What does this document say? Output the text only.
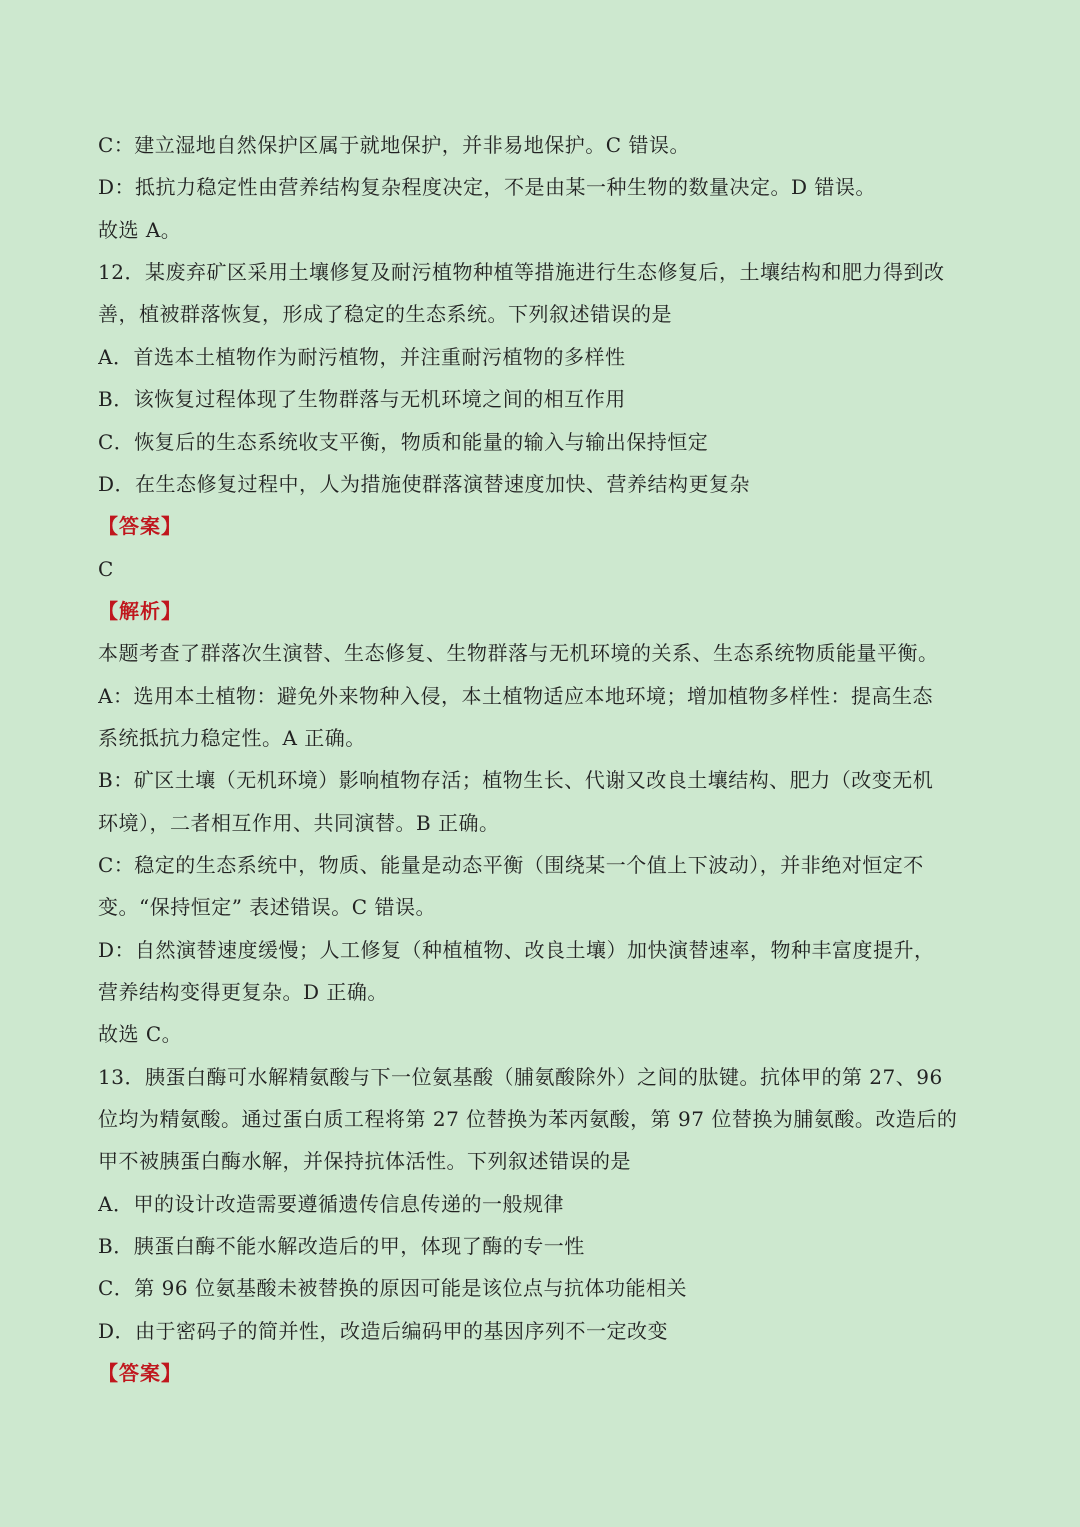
C：建立湿地自然保护区属于就地保护，并非易地保护。C 错误。
D：抵抗力稳定性由营养结构复杂程度决定，不是由某一种生物的数量决定。D 错误。
故选 A。
12．某废弃矿区采用土壤修复及耐污植物种植等措施进行生态修复后，土壤结构和肥力得到改
善，植被群落恢复，形成了稳定的生态系统。下列叙述错误的是
A．首选本土植物作为耐污植物，并注重耐污植物的多样性
B．该恢复过程体现了生物群落与无机环境之间的相互作用
C．恢复后的生态系统收支平衡，物质和能量的输入与输出保持恒定
D．在生态修复过程中，人为措施使群落演替速度加快、营养结构更复杂
【答案】
C
【解析】
本题考查了群落次生演替、生态修复、生物群落与无机环境的关系、生态系统物质能量平衡。
A：选用本土植物：避免外来物种入侵，本土植物适应本地环境；增加植物多样性：提高生态
系统抵抗力稳定性。A 正确。
B：矿区土壤（无机环境）影响植物存活；植物生长、代谢又改良土壤结构、肥力（改变无机
环境），二者相互作用、共同演替。B 正确。
C：稳定的生态系统中，物质、能量是动态平衡（围绕某一个值上下波动），并非绝对恒定不
变。“保持恒定” 表述错误。C 错误。
D：自然演替速度缓慢；人工修复（种植植物、改良土壤）加快演替速率，物种丰富度提升，
营养结构变得更复杂。D 正确。
故选 C。
13．胰蛋白酶可水解精氨酸与下一位氨基酸（脯氨酸除外）之间的肽键。抗体甲的第 27、96
位均为精氨酸。通过蛋白质工程将第 27 位替换为苯丙氨酸，第 97 位替换为脯氨酸。改造后的
甲不被胰蛋白酶水解，并保持抗体活性。下列叙述错误的是
A．甲的设计改造需要遵循遗传信息传递的一般规律
B．胰蛋白酶不能水解改造后的甲，体现了酶的专一性
C．第 96 位氨基酸未被替换的原因可能是该位点与抗体功能相关
D．由于密码子的简并性，改造后编码甲的基因序列不一定改变
【答案】
